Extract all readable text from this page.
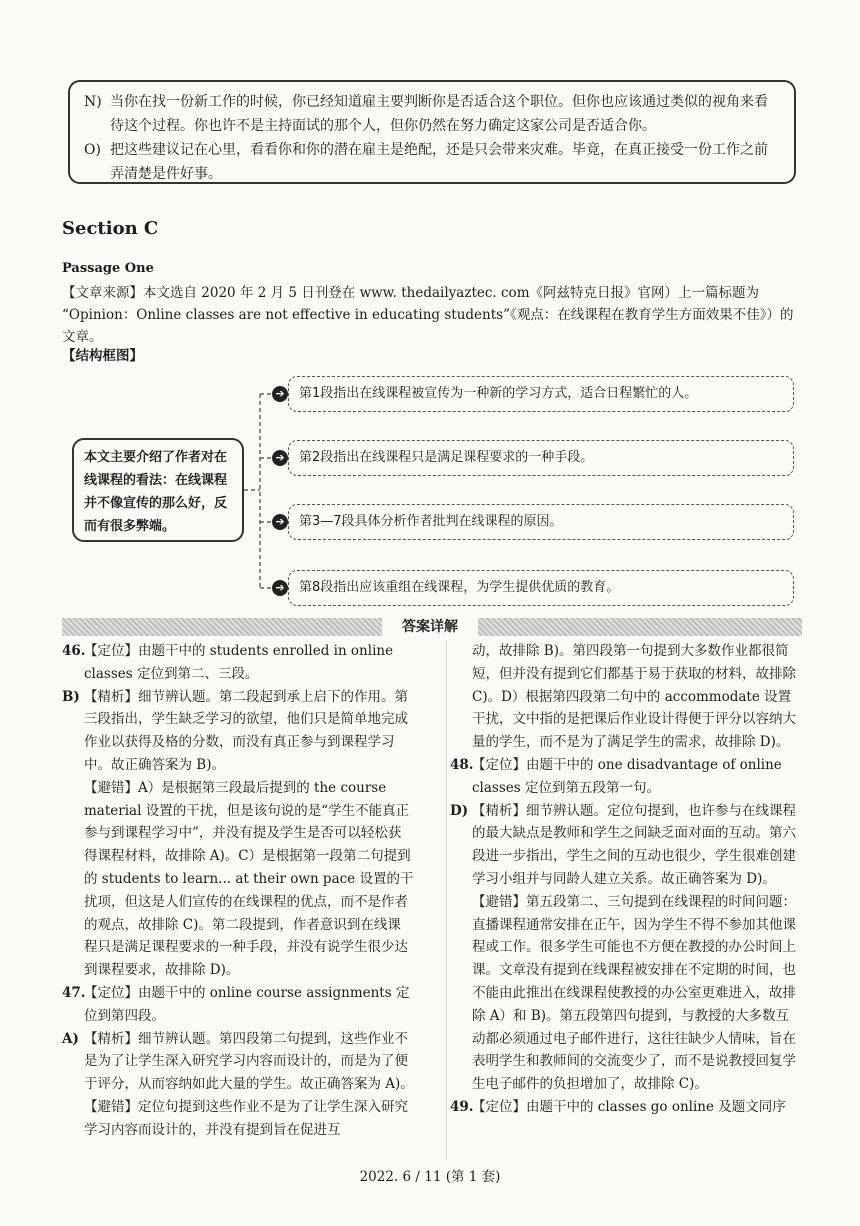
N) 当你在找一份新工作的时候，你已经知道雇主要判断你是否适合这个职位。但你也应该通过类似的视角来看待这个过程。你也许不是主持面试的那个人，但你仍然在努力确定这家公司是否适合你。
O) 把这些建议记在心里，看看你和你的潜在雇主是绝配，还是只会带来灾难。毕竟，在真正接受一份工作之前弄清楚是件好事。
Section C
Passage One
【文章来源】本文选自 2020 年 2 月 5 日刊登在 www. thedailyaztec. com《阿兹特克日报》官网）上一篇标题为 “Opinion：Online classes are not effective in educating students”《观点：在线课程在教育学生方面效果不佳》）的文章。
【结构框图】
本文主要介绍了作者对在线课程的看法：在线课程并不像宣传的那么好，反而有很多弊端。
➔	第1段指出在线课程被宣传为一种新的学习方式，适合日程繁忙的人。
➔	第2段指出在线课程只是满足课程要求的一种手段。
➔	第3—7段具体分析作者批判在线课程的原因。
➔	第8段指出应该重组在线课程，为学生提供优质的教育。
答案详解

46.
【定位】由题干中的 students enrolled in online classes 定位到第二、三段。

B) 【精析】细节辨认题。第二段起到承上启下的作用。第三段指出，学生缺乏学习的欲望，他们只是简单地完成作业以获得及格的分数，而没有真正参与到课程学习中。故正确答案为 B)。

【避错】A）是根据第三段最后提到的 the course material 设置的干扰，但是该句说的是“学生不能真正参与到课程学习中”，并没有提及学生是否可以轻松获得课程材料，故排除 A)。C）是根据第一段第二句提到的 students to learn... at their own pace 设置的干扰项，但这是人们宣传的在线课程的优点，而不是作者的观点，故排除 C)。第二段提到，作者意识到在线课程只是满足课程要求的一种手段，并没有说学生很少达到课程要求，故排除 D)。

47.
【定位】由题干中的 online course assignments 定位到第四段。

A) 【精析】细节辨认题。第四段第二句提到，这些作业不是为了让学生深入研究学习内容而设计的，而是为了便于评分，从而容纳如此大量的学生。故正确答案为 A)。

【避错】定位句提到这些作业不是为了让学生深入研究学习内容而设计的，并没有提到旨在促进互

动，故排除 B)。第四段第一句提到大多数作业都很简短，但并没有提到它们都基于易于获取的材料，故排除 C)。D）根据第四段第二句中的 accommodate 设置干扰，文中指的是把课后作业设计得便于评分以容纳大量的学生，而不是为了满足学生的需求，故排除 D)。

48.
【定位】由题干中的 one disadvantage of online classes 定位到第五段第一句。

D) 【精析】细节辨认题。定位句提到，也许参与在线课程的最大缺点是教师和学生之间缺乏面对面的互动。第六段进一步指出，学生之间的互动也很少，学生很难创建学习小组并与同龄人建立关系。故正确答案为 D)。

【避错】第五段第二、三句提到在线课程的时间问题：直播课程通常安排在正午，因为学生不得不参加其他课程或工作。很多学生可能也不方便在教授的办公时间上课。文章没有提到在线课程被安排在不定期的时间，也不能由此推出在线课程使教授的办公室更难进入，故排除 A）和 B)。第五段第四句提到，与教授的大多数互动都必须通过电子邮件进行，这往往缺少人情味，旨在表明学生和教师间的交流变少了，而不是说教授回复学生电子邮件的负担增加了，故排除 C)。

49.
【定位】由题干中的 classes go online 及题文同序

2022. 6 / 11 (第 1 套)
